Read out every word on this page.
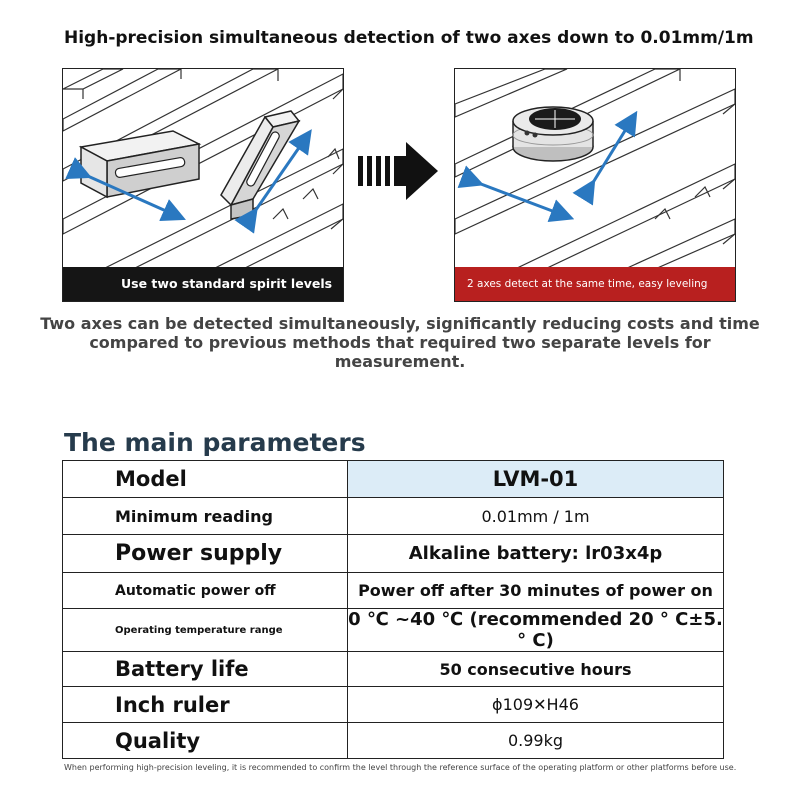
High-precision simultaneous detection of two axes down to 0.01mm/1m
Use two standard spirit levels	2 axes detect at the same time, easy leveling
Two axes can be detected simultaneously, significantly reducing costs and time
compared to previous methods that required two separate levels for
measurement.
The main parameters
Model	LVM-01
Minimum reading	0.01mm / 1m
Power supply	Alkaline battery: lr03x4p
Automatic power off	Power off after 30 minutes of power on
Operating temperature range	0 ℃ ~40 ℃ (recommended 20 ° C±5. ° C)
Battery life	50 consecutive hours
Inch ruler	ϕ109✕H46
Quality	0.99kg
When performing high-precision leveling, it is recommended to confirm the level through the reference surface of the operating platform or other platforms before use.
